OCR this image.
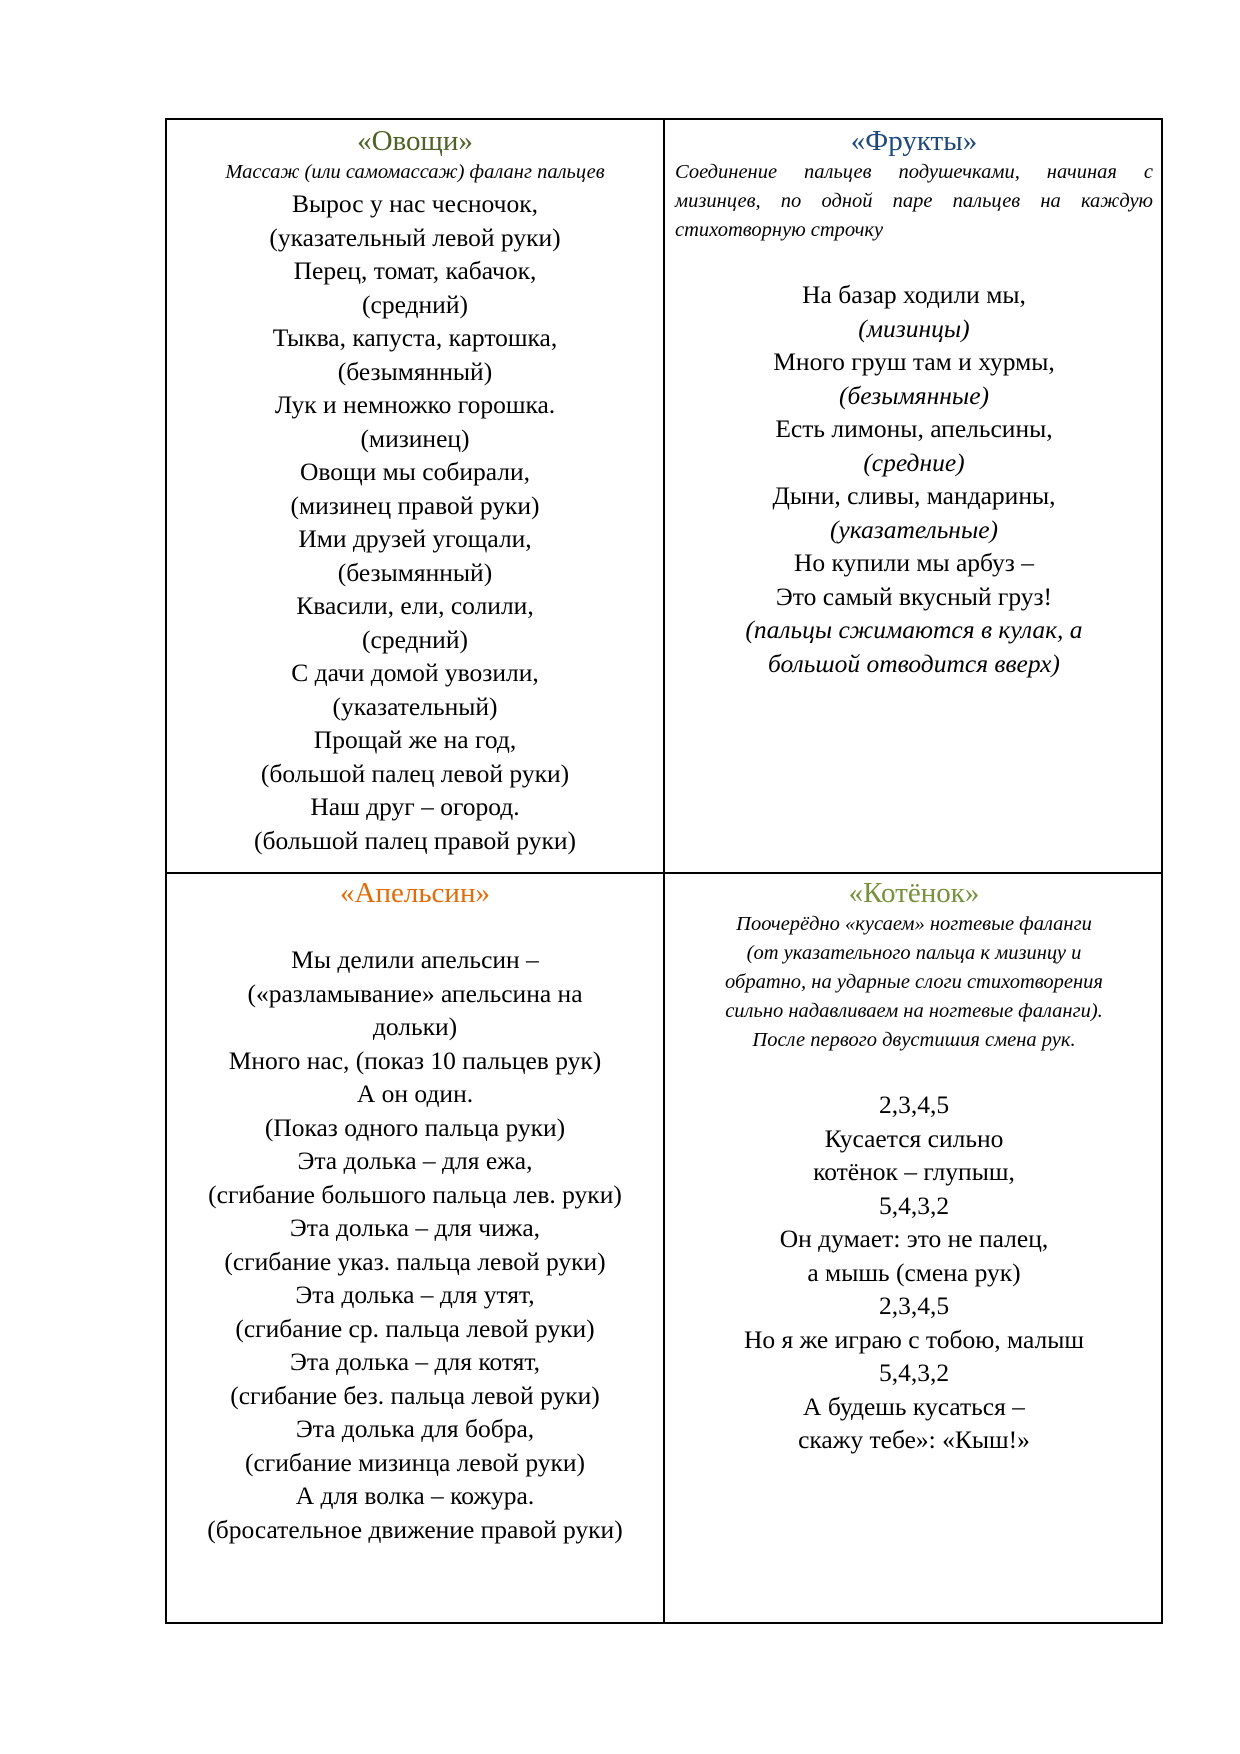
«Овощи»

Массаж (или самомассаж) фаланг пальцев

Вырос у нас чесночок,

(указательный левой руки)

Перец, томат, кабачок,

(средний)

Тыква, капуста, картошка,

(безымянный)

Лук и немножко горошка.

(мизинец)

Овощи мы собирали,

(мизинец правой руки)

Ими друзей угощали,

(безымянный)

Квасили, ели, солили,

(средний)

С дачи домой увозили,

(указательный)

Прощай же на год,

(большой палец левой руки)

Наш друг – огород.

(большой палец правой руки)

«Фрукты»

Соединение пальцев подушечками, начиная с мизинцев, по одной паре пальцев на каждую стихотворную строчку

На базар ходили мы,

(мизинцы)

Много груш там и хурмы,

(безымянные)

Есть лимоны, апельсины,

(средние)

Дыни, сливы, мандарины,

(указательные)

Но купили мы арбуз –

Это самый вкусный груз!

(пальцы сжимаются в кулак, а

большой отводится вверх)

«Апельсин»

Мы делили апельсин –

(«разламывание» апельсина на

дольки)

Много нас, (показ 10 пальцев рук)

А он один.

(Показ одного пальца руки)

Эта долька – для ежа,

(сгибание большого пальца лев. руки)

Эта долька – для чижа,

(сгибание указ. пальца левой руки)

Эта долька – для утят,

(сгибание ср. пальца левой руки)

Эта долька – для котят,

(сгибание без. пальца левой руки)

Эта долька для бобра,

(сгибание мизинца левой руки)

А для волка – кожура.

(бросательное движение правой руки)

«Котёнок»

Поочерёдно «кусаем» ногтевые фаланги

(от указательного пальца к мизинцу и

обратно, на ударные слоги стихотворения

сильно надавливаем на ногтевые фаланги).

После первого двустишия смена рук.

2,3,4,5

Кусается сильно

котёнок – глупыш,

5,4,3,2

Он думает: это не палец,

а мышь (смена рук)

2,3,4,5

Но я же играю с тобою, малыш

5,4,3,2

А будешь кусаться –

скажу тебе»: «Кыш!»
